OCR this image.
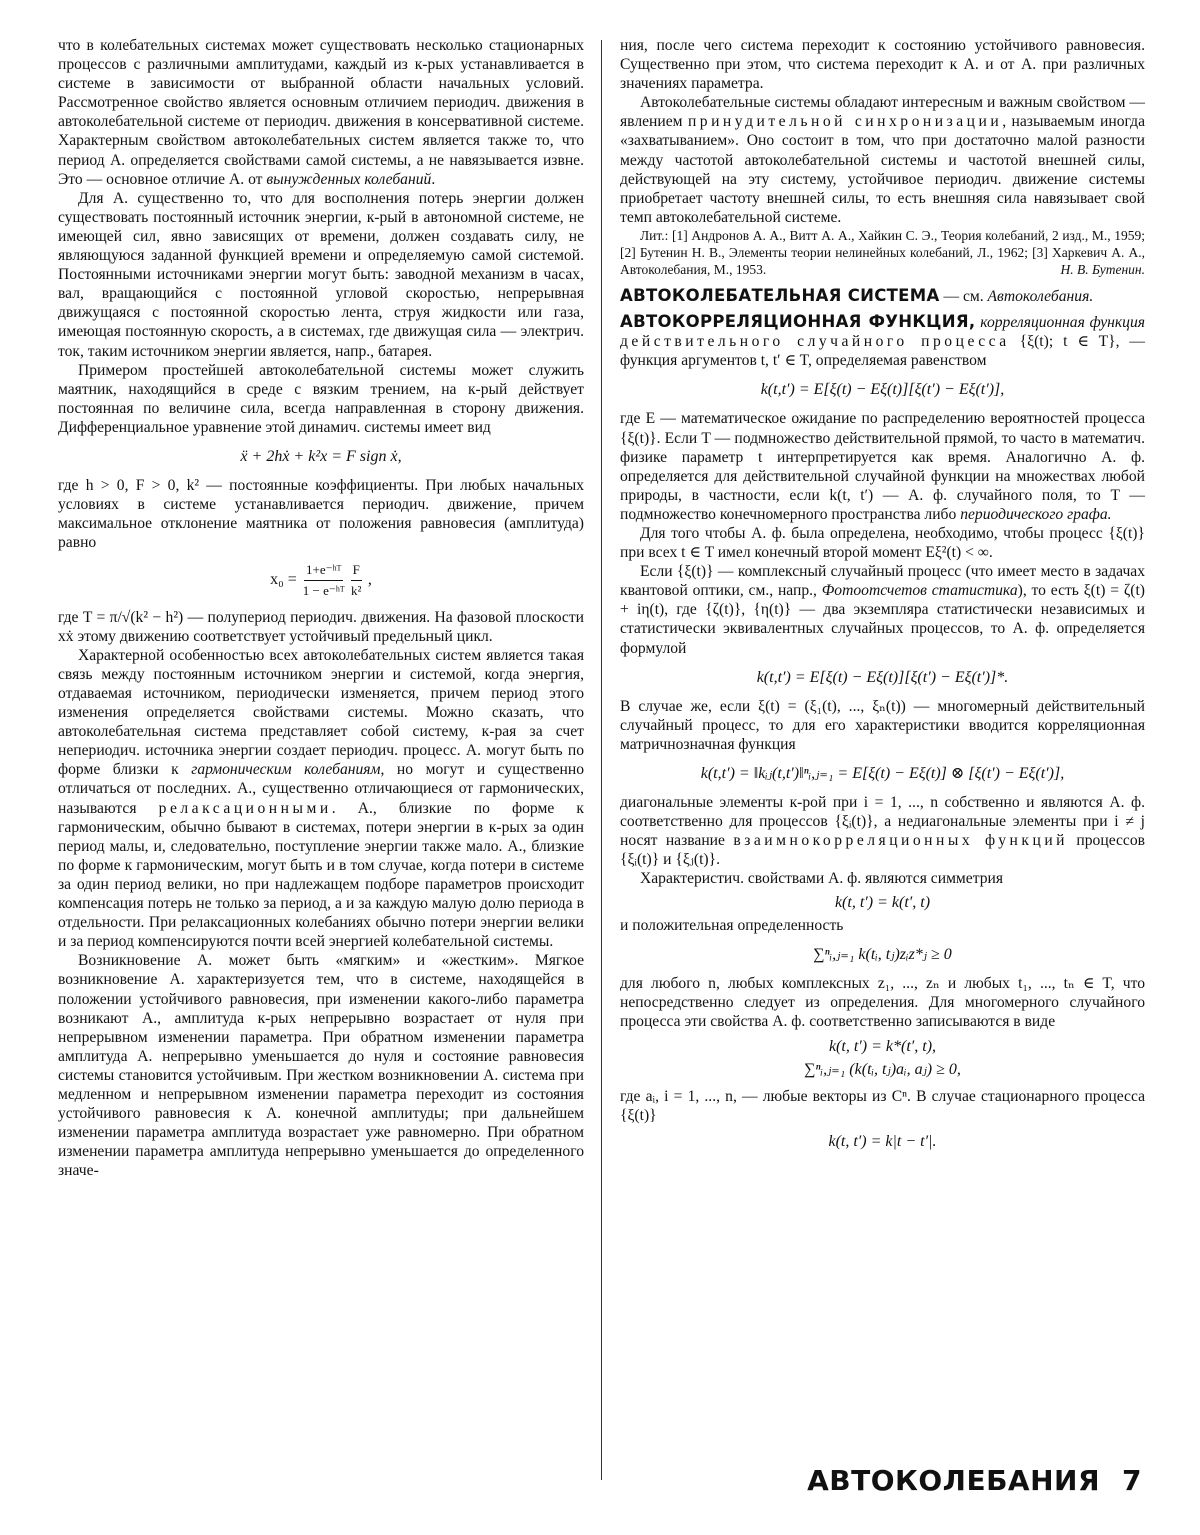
что в колебательных системах может существовать несколько стационарных процессов с различными амплитудами, каждый из к-рых устанавливается в системе в зависимости от выбранной области начальных условий. Рассмотренное свойство является основным отличием периодич. движения в автоколебательной системе от периодич. движения в консервативной системе. Характерным свойством автоколебательных систем является также то, что период А. определяется свойствами самой системы, а не навязывается извне. Это — основное отличие А. от вынужденных колебаний.

Для А. существенно то, что для восполнения потерь энергии должен существовать постоянный источник энергии, к-рый в автономной системе, не имеющей сил, явно зависящих от времени, должен создавать силу, не являющуюся заданной функцией времени и определяемую самой системой. Постоянными источниками энергии могут быть: заводной механизм в часах, вал, вращающийся с постоянной угловой скоростью, непрерывная движущаяся с постоянной скоростью лента, струя жидкости или газа, имеющая постоянную скорость, а в системах, где движущая сила — электрич. ток, таким источником энергии является, напр., батарея.

Примером простейшей автоколебательной системы может служить маятник, находящийся в среде с вязким трением, на к-рый действует постоянная по величине сила, всегда направленная в сторону движения. Дифференциальное уравнение этой динамич. системы имеет вид

ẍ + 2hẋ + k²x = F sign ẋ,

где h > 0, F > 0, k² — постоянные коэффициенты. При любых начальных условиях в системе устанавливается периодич. движение, причем максимальное отклонение маятника от положения равновесия (амплитуда) равно

$x_0 = \frac{\text{1+e⁻ʰᵀ}}{\text{1 − e⁻ʰᵀ}} \frac{F}{\text{k²}}$ ,

где T = π/√(k² − h²) — полупериод периодич. движения. На фазовой плоскости xẋ этому движению соответствует устойчивый предельный цикл.

Характерной особенностью всех автоколебательных систем является такая связь между постоянным источником энергии и системой, когда энергия, отдаваемая источником, периодически изменяется, причем период этого изменения определяется свойствами системы. Можно сказать, что автоколебательная система представляет собой систему, к-рая за счет непериодич. источника энергии создает периодич. процесс. А. могут быть по форме близки к гармоническим колебаниям, но могут и существенно отличаться от последних. А., существенно отличающиеся от гармонических, называются релаксационными. А., близкие по форме к гармоническим, обычно бывают в системах, потери энергии в к-рых за один период малы, и, следовательно, поступление энергии также мало. А., близкие по форме к гармоническим, могут быть и в том случае, когда потери в системе за один период велики, но при надлежащем подборе параметров происходит компенсация потерь не только за период, а и за каждую малую долю периода в отдельности. При релаксационных колебаниях обычно потери энергии велики и за период компенсируются почти всей энергией колебательной системы.

Возникновение А. может быть «мягким» и «жестким». Мягкое возникновение А. характеризуется тем, что в системе, находящейся в положении устойчивого равновесия, при изменении какого-либо параметра возникают А., амплитуда к-рых непрерывно возрастает от нуля при непрерывном изменении параметра. При обратном изменении параметра амплитуда А. непрерывно уменьшается до нуля и состояние равновесия системы становится устойчивым. При жестком возникновении А. система при медленном и непрерывном изменении параметра переходит из состояния устойчивого равновесия к А. конечной амплитуды; при дальнейшем изменении параметра амплитуда возрастает уже равномерно. При обратном изменении параметра амплитуда непрерывно уменьшается до определенного значе-

ния, после чего система переходит к состоянию устойчивого равновесия. Существенно при этом, что система переходит к А. и от А. при различных значениях параметра.

Автоколебательные системы обладают интересным и важным свойством — явлением принудительной синхронизации, называемым иногда «захватыванием». Оно состоит в том, что при достаточно малой разности между частотой автоколебательной системы и частотой внешней силы, действующей на эту систему, устойчивое периодич. движение системы приобретает частоту внешней силы, то есть внешняя сила навязывает свой темп автоколебательной системе.

Лит.: [1] Андронов А. А., Витт А. А., Хайкин С. Э., Теория колебаний, 2 изд., М., 1959; [2] Бутенин Н. В., Элементы теории нелинейных колебаний, Л., 1962; [3] Харкевич А. А., Автоколебания, М., 1953.	Н. В. Бутенин.

АВТОКОЛЕБАТЕЛЬНАЯ СИСТЕМА — см. Автоколебания.

АВТОКОРРЕЛЯЦИОННАЯ ФУНКЦИЯ, корреляционная функция действительного случайного процесса {ξ(t); t ∈ T}, — функция аргументов t, t′ ∈ T, определяемая равенством

k(t,t′) = E[ξ(t) − Eξ(t)][ξ(t′) − Eξ(t′)],

где E — математическое ожидание по распределению вероятностей процесса {ξ(t)}. Если T — подмножество действительной прямой, то часто в математич. физике параметр t интерпретируется как время. Аналогично А. ф. определяется для действительной случайной функции на множествах любой природы, в частности, если k(t, t′) — А. ф. случайного поля, то T — подмножество конечномерного пространства либо периодического графа.

Для того чтобы А. ф. была определена, необходимо, чтобы процесс {ξ(t)} при всех t ∈ T имел конечный второй момент Eξ²(t) < ∞.

Если {ξ(t)} — комплексный случайный процесс (что имеет место в задачах квантовой оптики, см., напр., Фотоотсчетов статистика), то есть ξ(t) = ζ(t) + iη(t), где {ζ(t)}, {η(t)} — два экземпляра статистически независимых и статистически эквивалентных случайных процессов, то А. ф. определяется формулой

k(t,t′) = E[ξ(t) − Eξ(t)][ξ(t′) − Eξ(t′)]*.

В случае же, если ξ(t) = (ξ₁(t), ..., ξₙ(t)) — многомерный действительный случайный процесс, то для его характеристики вводится корреляционная матричнозначная функция

k(t,t′) = ‖kᵢⱼ(t,t′)‖ⁿᵢ,ⱼ₌₁ = E[ξ(t) − Eξ(t)] ⊗ [ξ(t′) − Eξ(t′)],

диагональные элементы к-рой при i = 1, ..., n собственно и являются А. ф. соответственно для процессов {ξᵢ(t)}, а недиагональные элементы при i ≠ j носят название взаимнокорреляционных функций процессов {ξᵢ(t)} и {ξⱼ(t)}.

Характеристич. свойствами А. ф. являются симметрия

k(t, t′) = k(t′, t)

и положительная определенность

∑ⁿᵢ,ⱼ₌₁ k(tᵢ, tⱼ)zᵢz*ⱼ ≥ 0

для любого n, любых комплексных z₁, ..., zₙ и любых t₁, ..., tₙ ∈ T, что непосредственно следует из определения. Для многомерного случайного процесса эти свойства А. ф. соответственно записываются в виде

k(t, t′) = k*(t′, t),

∑ⁿᵢ,ⱼ₌₁ (k(tᵢ, tⱼ)aᵢ, aⱼ) ≥ 0,

где aᵢ, i = 1, ..., n, — любые векторы из Cⁿ. В случае стационарного процесса {ξ(t)}

k(t, t′) = k|t − t′|.

АВТОКОЛЕБАНИЯ 7
